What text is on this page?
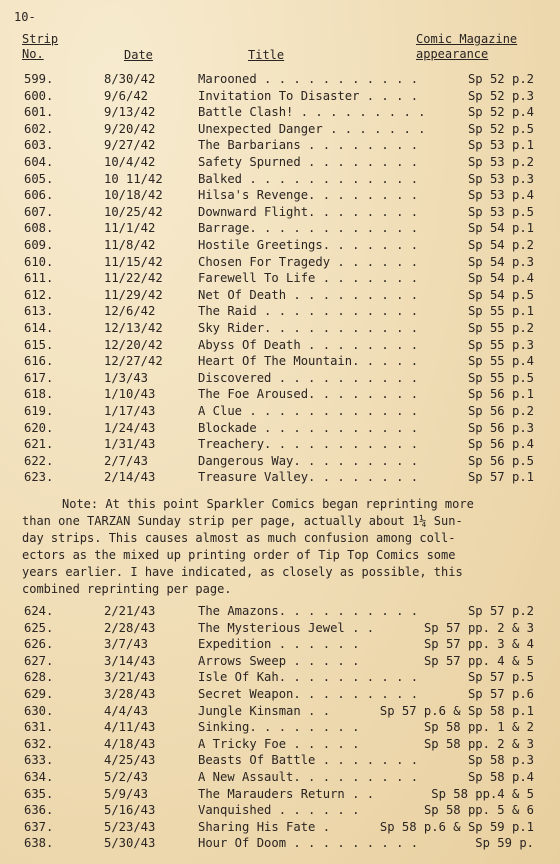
10-
Strip
No.	Date	Title
Comic Magazine
appearance
599.	8/30/42	Marooned . . . . . . . . . . .	Sp 52 p.2
600.	9/6/42	Invitation To Disaster . . . .	Sp 52 p.3
601.	9/13/42	Battle Clash! . . . . . . . . .	Sp 52 p.4
602.	9/20/42	Unexpected Danger . . . . . . .	Sp 52 p.5
603.	9/27/42	The Barbarians . . . . . . . .	Sp 53 p.1
604.	10/4/42	Safety Spurned . . . . . . . .	Sp 53 p.2
605.	10 11/42	Balked . . . . . . . . . . . .	Sp 53 p.3
606.	10/18/42	Hilsa's Revenge. . . . . . . .	Sp 53 p.4
607.	10/25/42	Downward Flight. . . . . . . .	Sp 53 p.5
608.	11/1/42	Barrage. . . . . . . . . . . .	Sp 54 p.1
609.	11/8/42	Hostile Greetings. . . . . . .	Sp 54 p.2
610.	11/15/42	Chosen For Tragedy . . . . . .	Sp 54 p.3
611.	11/22/42	Farewell To Life . . . . . . .	Sp 54 p.4
612.	11/29/42	Net Of Death . . . . . . . . .	Sp 54 p.5
613.	12/6/42	The Raid . . . . . . . . . . .	Sp 55 p.1
614.	12/13/42	Sky Rider. . . . . . . . . . .	Sp 55 p.2
615.	12/20/42	Abyss Of Death . . . . . . . .	Sp 55 p.3
616.	12/27/42	Heart Of The Mountain. . . . .	Sp 55 p.4
617.	1/3/43	Discovered . . . . . . . . . .	Sp 55 p.5
618.	1/10/43	The Foe Aroused. . . . . . . .	Sp 56 p.1
619.	1/17/43	A Clue . . . . . . . . . . . .	Sp 56 p.2
620.	1/24/43	Blockade . . . . . . . . . . .	Sp 56 p.3
621.	1/31/43	Treachery. . . . . . . . . . .	Sp 56 p.4
622.	2/7/43	Dangerous Way. . . . . . . . .	Sp 56 p.5
623.	2/14/43	Treasure Valley. . . . . . . .	Sp 57 p.1

Note: At this point Sparkler Comics began reprinting more

than one TARZAN Sunday strip per page, actually about 1¼ Sun-

day strips. This causes almost as much confusion among coll-

ectors as the mixed up printing order of Tip Top Comics some

years earlier. I have indicated, as closely as possible, this

combined reprinting per page.

624.	2/21/43	The Amazons. . . . . . . . . .	Sp 57 p.2
625.	2/28/43	The Mysterious Jewel . .	Sp 57 pp. 2 & 3
626.	3/7/43	Expedition . . . . . .	Sp 57 pp. 3 & 4
627.	3/14/43	Arrows Sweep . . . . .	Sp 57 pp. 4 & 5
628.	3/21/43	Isle Of Kah. . . . . . . . . .	Sp 57 p.5
629.	3/28/43	Secret Weapon. . . . . . . . .	Sp 57 p.6
630.	4/4/43	Jungle Kinsman . .	Sp 57 p.6 & Sp 58 p.1
631.	4/11/43	Sinking. . . . . . . .	Sp 58 pp. 1 & 2
632.	4/18/43	A Tricky Foe . . . . .	Sp 58 pp. 2 & 3
633.	4/25/43	Beasts Of Battle . . . . . . .	Sp 58 p.3
634.	5/2/43	A New Assault. . . . . . . . .	Sp 58 p.4
635.	5/9/43	The Marauders Return . .	Sp 58 pp.4 & 5
636.	5/16/43	Vanquished . . . . . .	Sp 58 pp. 5 & 6
637.	5/23/43	Sharing His Fate .	Sp 58 p.6 & Sp 59 p.1
638.	5/30/43	Hour Of Doom . . . . . . . . .	Sp 59 p.
